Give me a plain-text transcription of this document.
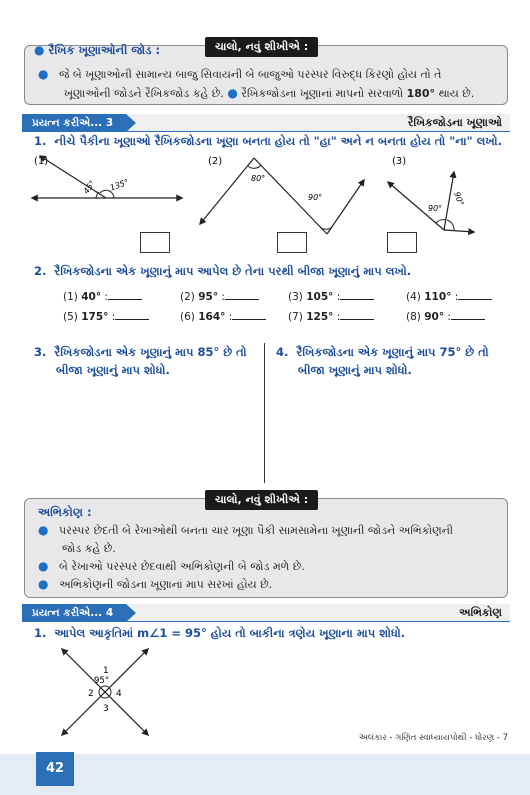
ચાલો, નવું શીખીએ :
● રૈખિક ખૂણાઓની જોડ :
● જે બે ખૂણાઓની સામાન્ય બાજુ સિવાયની બે બાજુઓ પરસ્પર વિરુદ્ધ કિરણો હોય તો તે
ખૂણાઓની જોડને રૈખિકજોડ કહે છે. ● રૈખિકજોડના ખૂણાનાં માપનો સરવાળો 180° થાય છે.
પ્રયત્ન કરીએ... 3	રૈખિકજોડના ખૂણાઓ
1. નીચે પૈકીના ખૂણાઓ રૈખિકજોડના ખૂણા બનતા હોય તો "હા" અને ન બનતા હોય તો "ના" લખો.
(1)
45° 135°
(2)
80°
90°
(3)
90°
90°
2. રૈખિકજોડના એક ખૂણાનું માપ આપેલ છે તેના પરથી બીજા ખૂણાનું માપ લખો.
(1) 40° :	(2) 95° :	(3) 105° :	(4) 110° :
(5) 175° :	(6) 164° :	(7) 125° :	(8) 90° :
3. રૈખિકજોડના એક ખૂણાનું માપ 85° છે તો
બીજા ખૂણાનું માપ શોધો.
4. રૈખિકજોડના એક ખૂણાનું માપ 75° છે તો
બીજા ખૂણાનું માપ શોધો.
ચાલો, નવું શીખીએ :
અભિકોણ :
● પરસ્પર છેદતી બે રેખાઓથી બનતા ચાર ખૂણા પૈકી સામસામેના ખૂણાની જોડને અભિકોણની
જોડ કહે છે.
● બે રેખાઓ પરસ્પર છેદવાથી અભિકોણની બે જોડ મળે છે.
● અભિકોણની જોડના ખૂણાનાં માપ સરખાં હોય છે.
પ્રયત્ન કરીએ... 4	અભિકોણ
1. આપેલ આકૃતિમાં m∠1 = 95° હોય તો બાકીના ત્રણેય ખૂણાના માપ શોધો.
1
95°
2 4
3
અલંકાર - ગણિત સ્વાધ્યાયપોથી - ધોરણ - 7
42
